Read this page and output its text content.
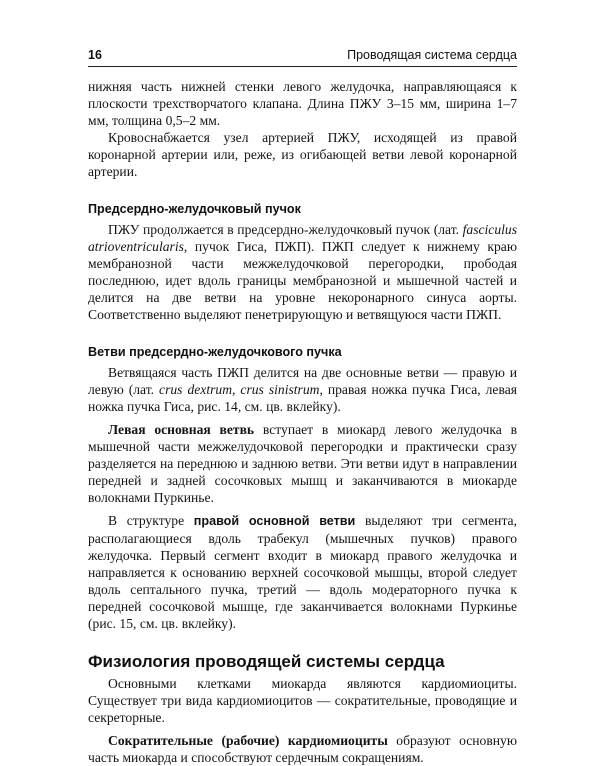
16	Проводящая система сердца

нижняя часть нижней стенки левого желудочка, направляющаяся к плоскости трехстворчатого клапана. Длина ПЖУ 3–15 мм, ширина 1–7 мм, толщина 0,5–2 мм.

Кровоснабжается узел артерией ПЖУ, исходящей из правой коронарной артерии или, реже, из огибающей ветви левой коронарной артерии.

Предсердно-желудочковый пучок

ПЖУ продолжается в предсердно-желудочковый пучок (лат. fasciculus atrioventricularis, пучок Гиса, ПЖП). ПЖП следует к нижнему краю мембранозной части межжелудочковой перегородки, прободая последнюю, идет вдоль границы мембранозной и мышечной частей и делится на две ветви на уровне некоронарного синуса аорты. Соответственно выделяют пенетрирующую и ветвящуюся части ПЖП.

Ветви предсердно-желудочкового пучка

Ветвящаяся часть ПЖП делится на две основные ветви — правую и левую (лат. crus dextrum, crus sinistrum, правая ножка пучка Гиса, левая ножка пучка Гиса, рис. 14, см. цв. вклейку).

Левая основная ветвь вступает в миокард левого желудочка в мышечной части межжелудочковой перегородки и практически сразу разделяется на переднюю и заднюю ветви. Эти ветви идут в направлении передней и задней сосочковых мышц и заканчиваются в миокарде волокнами Пуркинье.

В структуре правой основной ветви выделяют три сегмента, располагающиеся вдоль трабекул (мышечных пучков) правого желудочка. Первый сегмент входит в миокард правого желудочка и направляется к основанию верхней сосочковой мышцы, второй следует вдоль септального пучка, третий — вдоль модераторного пучка к передней сосочковой мышце, где заканчивается волокнами Пуркинье (рис. 15, см. цв. вклейку).

Физиология проводящей системы сердца

Основными клетками миокарда являются кардиомиоциты. Существует три вида кардиомиоцитов — сократительные, проводящие и секреторные.

Сократительные (рабочие) кардиомиоциты образуют основную часть миокарда и способствуют сердечным сокращениям.
